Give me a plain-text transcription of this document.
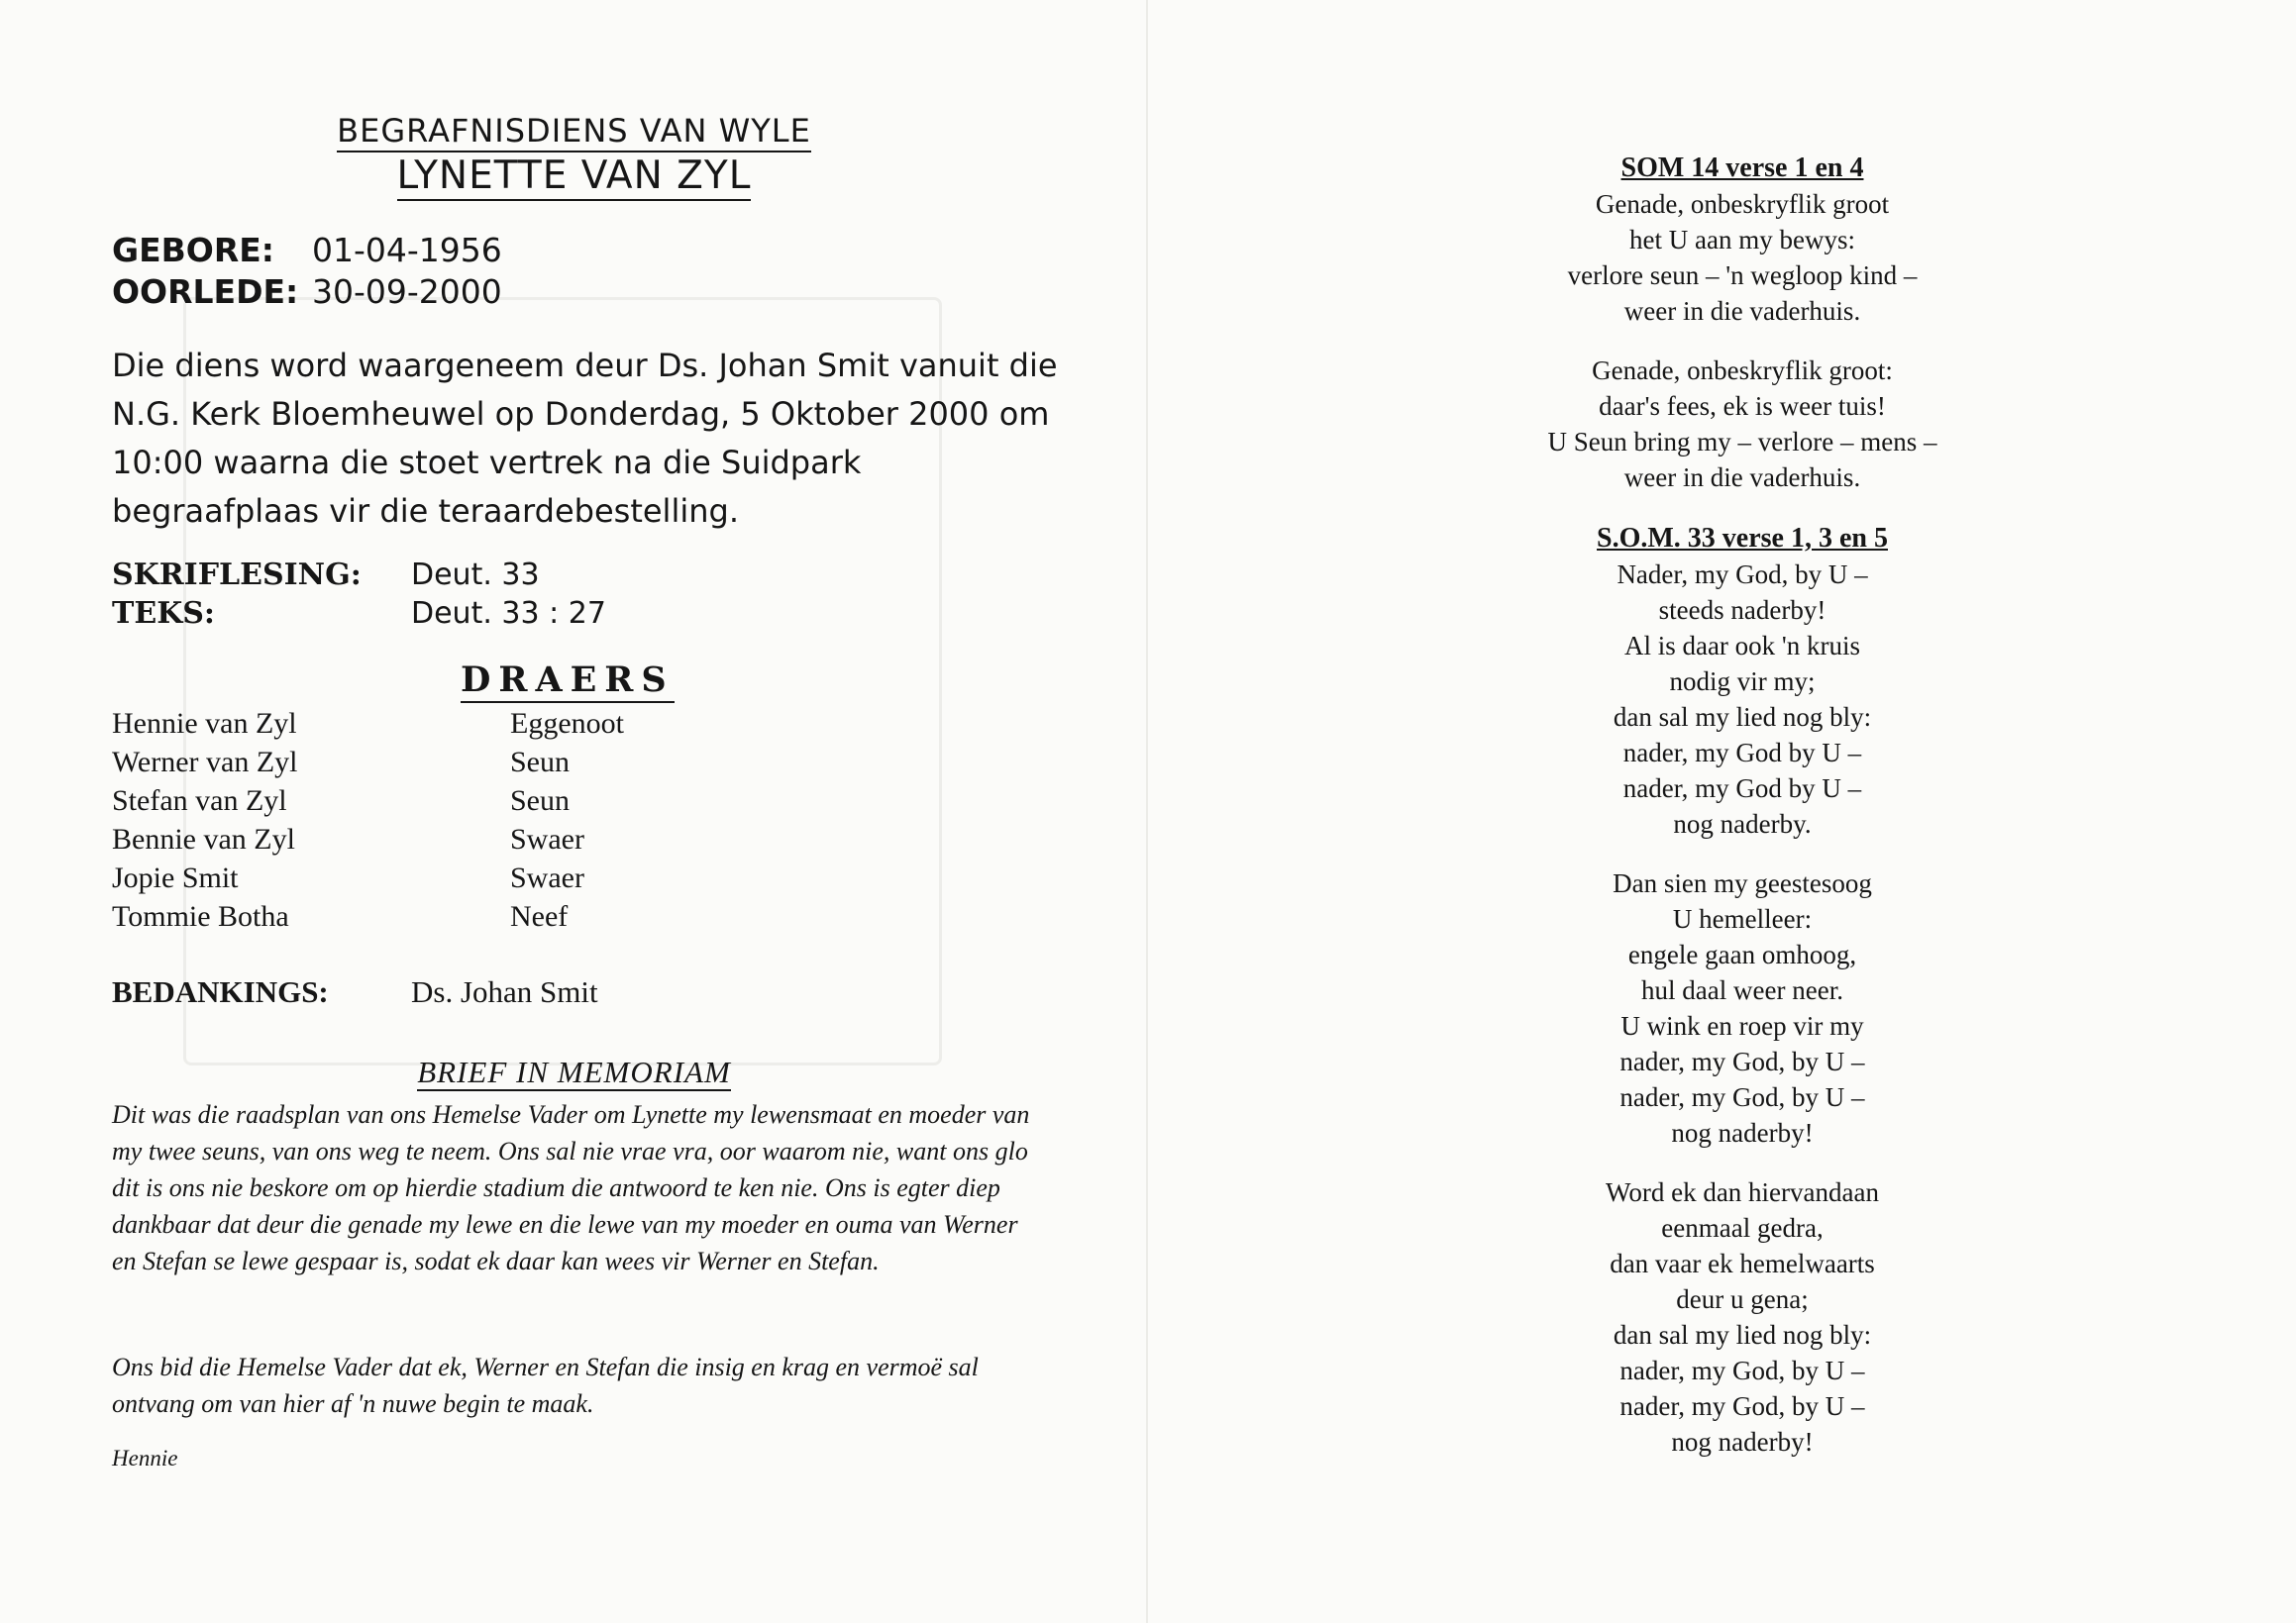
BEGRAFNISDIENS VAN WYLE
LYNETTE VAN ZYL
GEBORE:	01-04-1956
OORLEDE: 30-09-2000
Die diens word waargeneem deur Ds. Johan Smit vanuit die N.G. Kerk Bloemheuwel op Donderdag, 5 Oktober 2000 om 10:00 waarna die stoet vertrek na die Suidpark begraafplaas vir die teraardebestelling.
SKRIFLESING:	Deut. 33
TEKS:	Deut. 33 : 27
DRAERS
Hennie van Zyl	Eggenoot
Werner van Zyl	Seun
Stefan van Zyl	Seun
Bennie van Zyl	Swaer
Jopie Smit	Swaer
Tommie Botha	Neef
BEDANKINGS:	Ds. Johan Smit
BRIEF IN MEMORIAM
Dit was die raadsplan van ons Hemelse Vader om Lynette my lewensmaat en moeder van my twee seuns, van ons weg te neem. Ons sal nie vrae vra, oor waarom nie, want ons glo dit is ons nie beskore om op hierdie stadium die antwoord te ken nie. Ons is egter diep dankbaar dat deur die genade my lewe en die lewe van my moeder en ouma van Werner en Stefan se lewe gespaar is, sodat ek daar kan wees vir Werner en Stefan.
Ons bid die Hemelse Vader dat ek, Werner en Stefan die insig en krag en vermoë sal ontvang om van hier af 'n nuwe begin te maak.
Hennie
SOM 14 verse 1 en 4
Genade, onbeskryflik groot
het U aan my bewys:
verlore seun – 'n wegloop kind –
weer in die vaderhuis.
Genade, onbeskryflik groot:
daar's fees, ek is weer tuis!
U Seun bring my – verlore – mens –
weer in die vaderhuis.
S.O.M. 33 verse 1, 3 en 5
Nader, my God, by U –
steeds naderby!
Al is daar ook 'n kruis
nodig vir my;
dan sal my lied nog bly:
nader, my God by U –
nader, my God by U –
nog naderby.
Dan sien my geestesoog
U hemelleer:
engele gaan omhoog,
hul daal weer neer.
U wink en roep vir my
nader, my God, by U –
nader, my God, by U –
nog naderby!
Word ek dan hiervandaan
eenmaal gedra,
dan vaar ek hemelwaarts
deur u gena;
dan sal my lied nog bly:
nader, my God, by U –
nader, my God, by U –
nog naderby!
